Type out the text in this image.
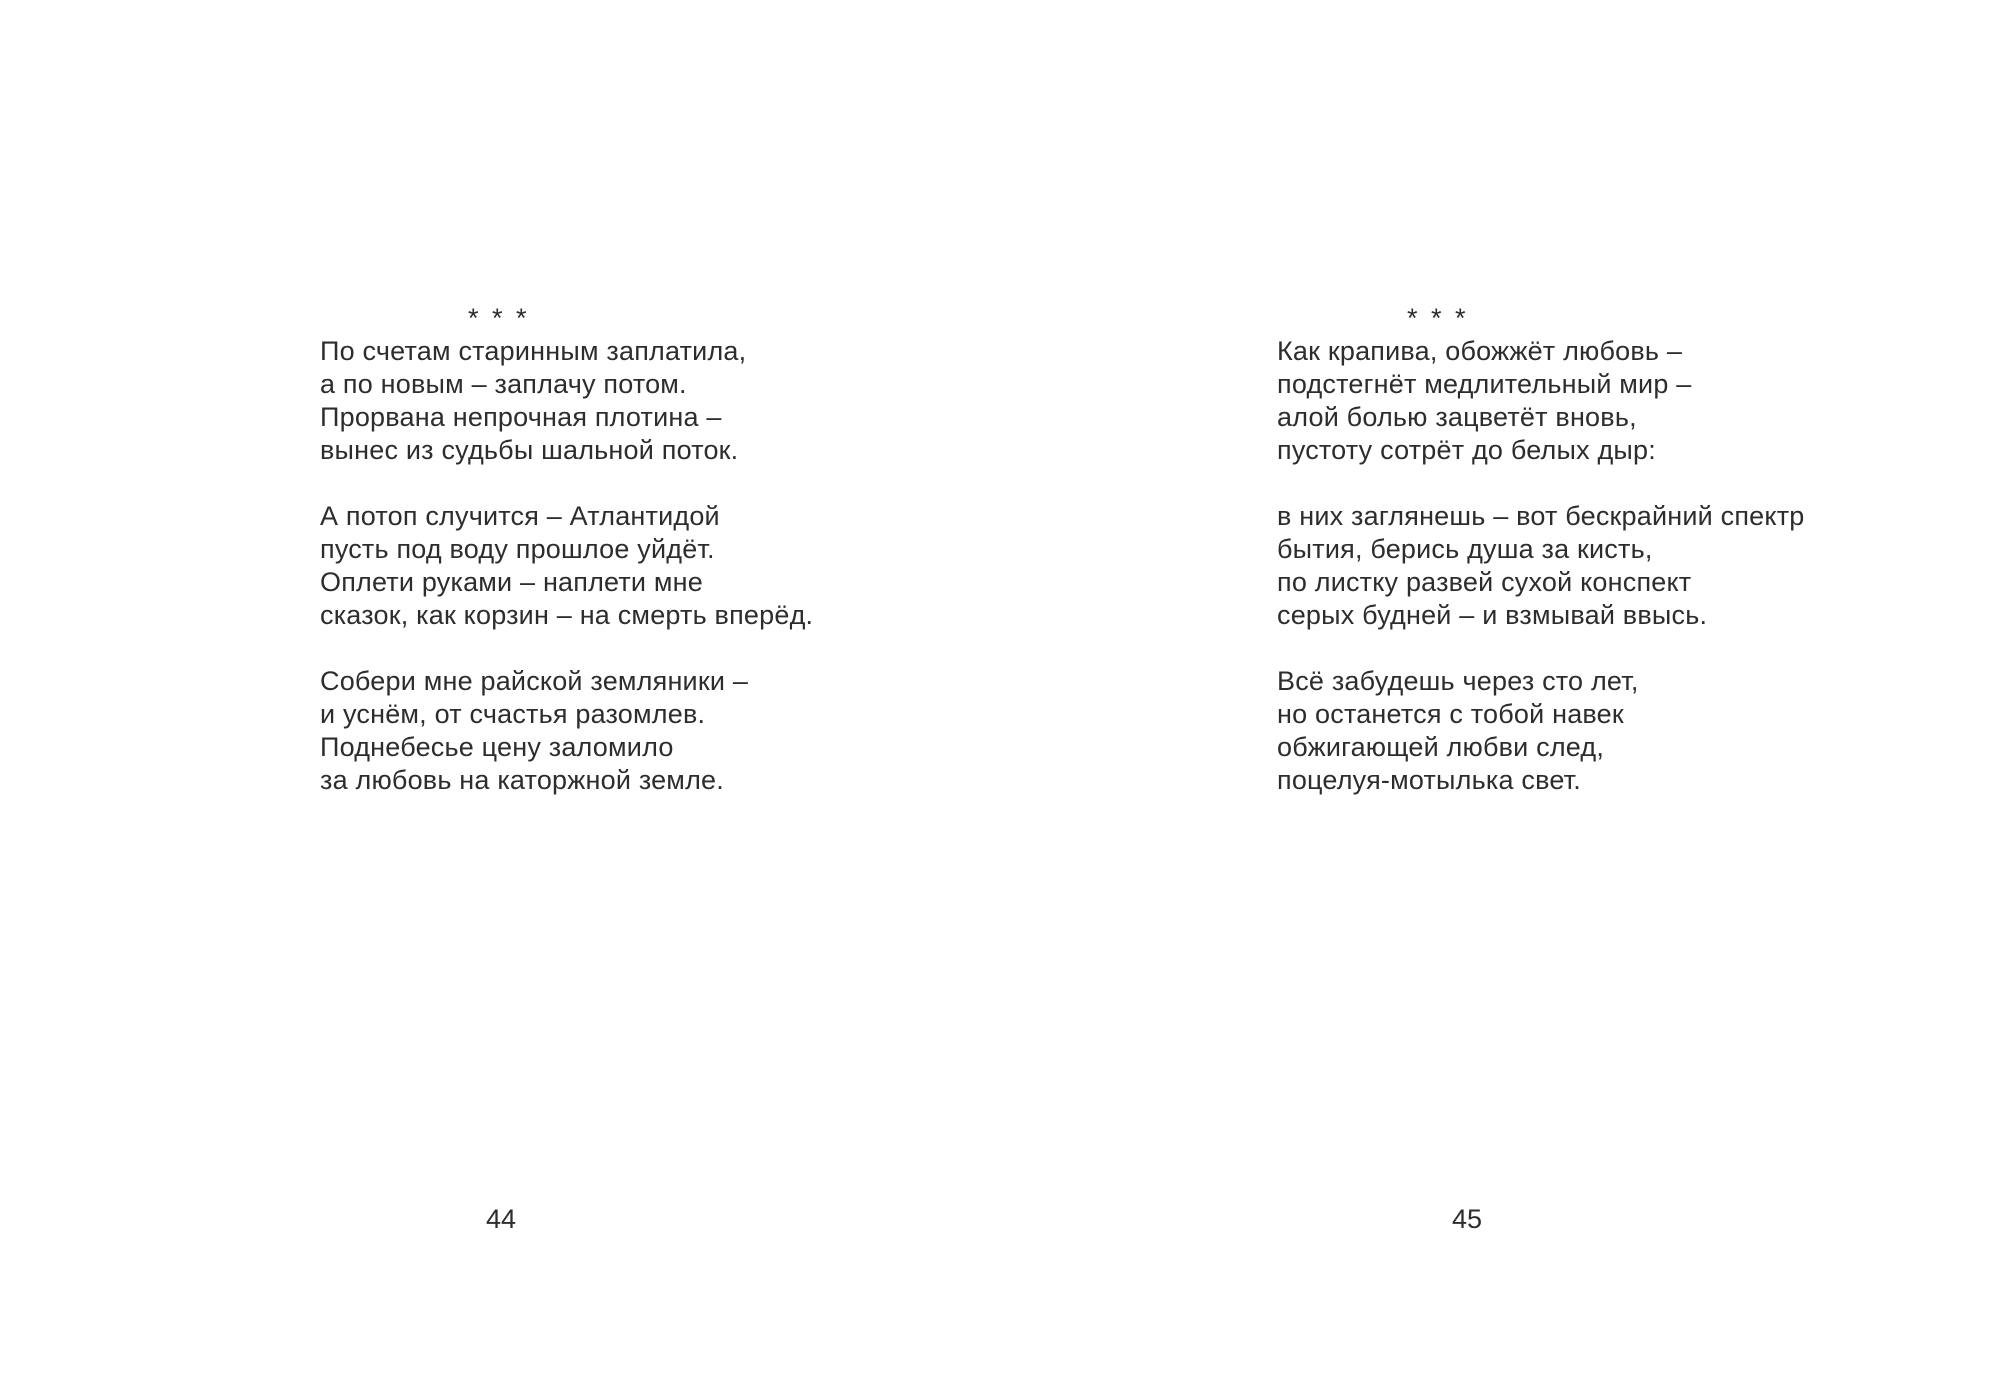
* * *
По счетам старинным заплатила,
а по новым – заплачу потом.
Прорвана непрочная плотина –
вынес из судьбы шальной поток.
А потоп случится – Атлантидой
пусть под воду прошлое уйдёт.
Оплети руками – наплети мне
сказок, как корзин – на смерть вперёд.
Собери мне райской земляники –
и уснём, от счастья разомлев.
Поднебесье цену заломило
за любовь на каторжной земле.
44
* * *
Как крапива, обожжёт любовь –
подстегнёт медлительный мир –
алой болью зацветёт вновь,
пустоту сотрёт до белых дыр:
в них заглянешь – вот бескрайний спектр
бытия, берись душа за кисть,
по листку развей сухой конспект
серых будней – и взмывай ввысь.
Всё забудешь через сто лет,
но останется с тобой навек
обжигающей любви след,
поцелуя-мотылька свет.
45
